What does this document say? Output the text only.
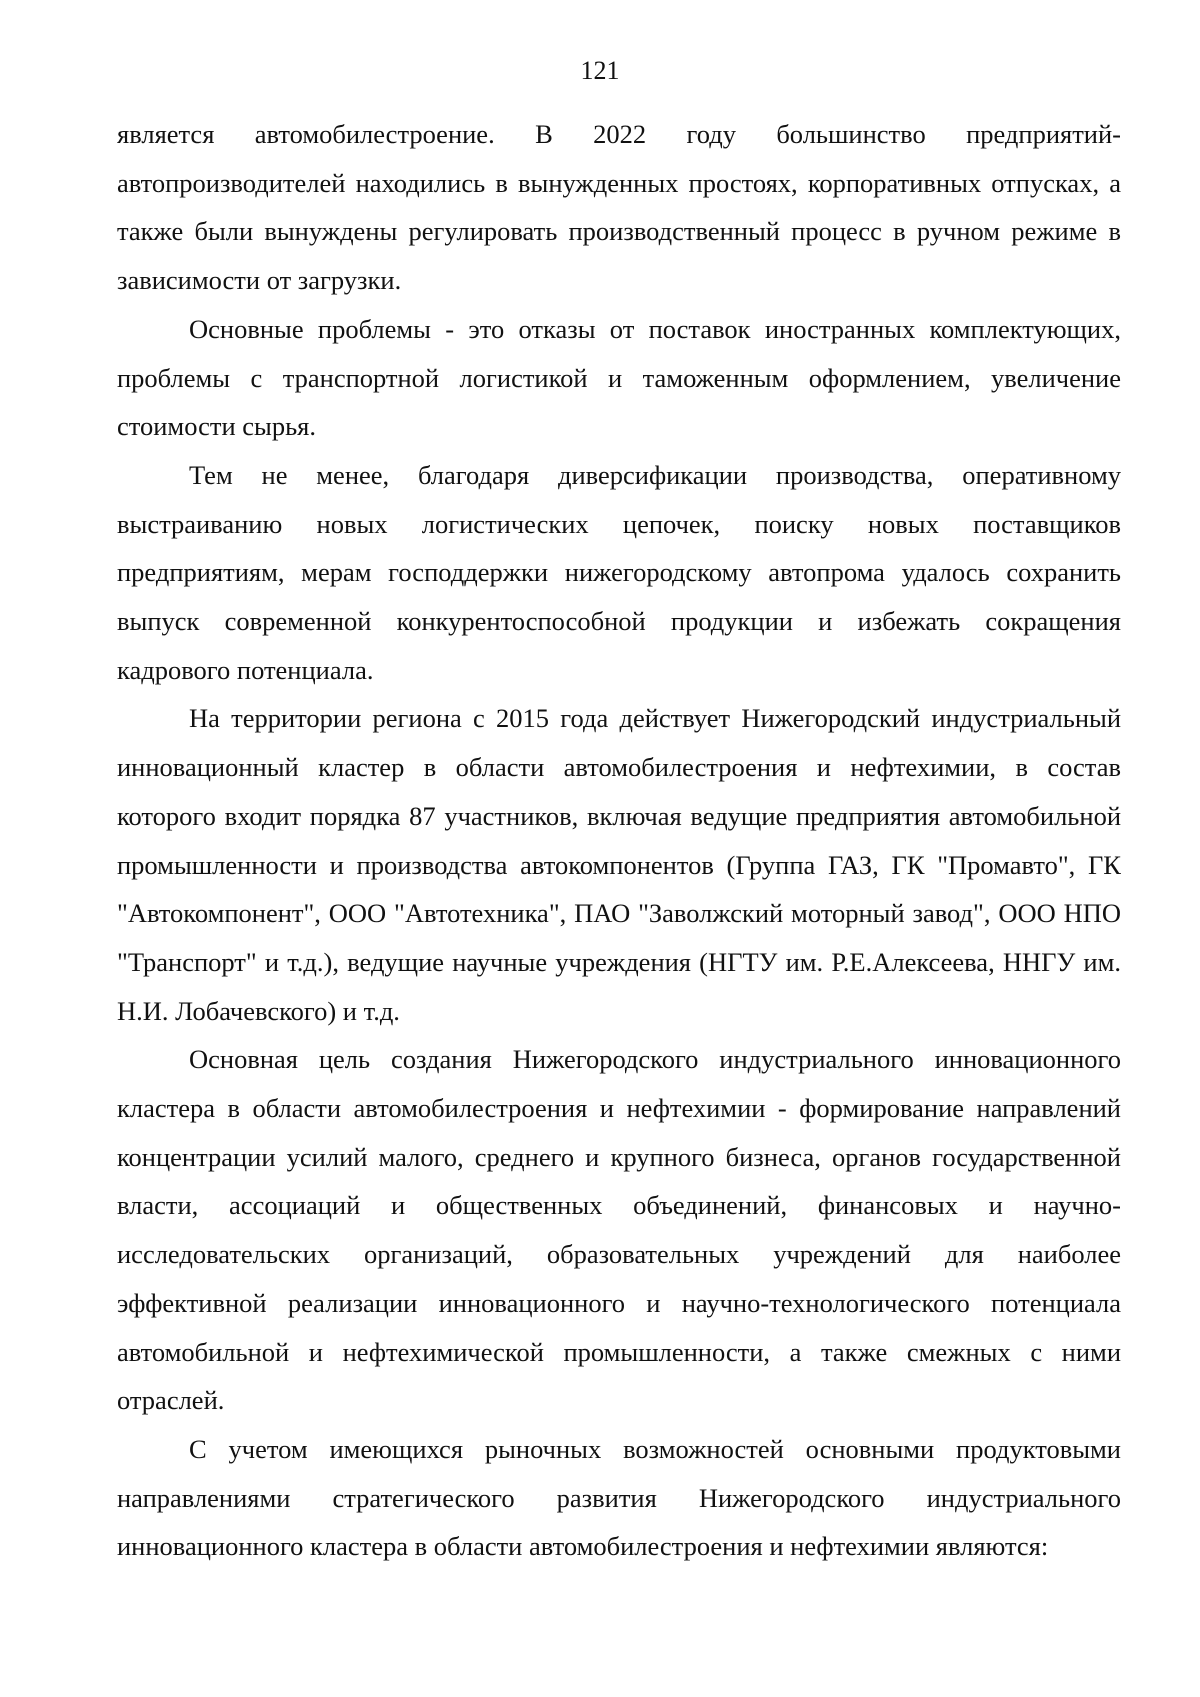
121

является автомобилестроение. В 2022 году большинство предприятий-автопроизводителей находились в вынужденных простоях, корпоративных отпусках, а также были вынуждены регулировать производственный процесс в ручном режиме в зависимости от загрузки.

Основные проблемы - это отказы от поставок иностранных комплектующих, проблемы с транспортной логистикой и таможенным оформлением, увеличение стоимости сырья.

Тем не менее, благодаря диверсификации производства, оперативному выстраиванию новых логистических цепочек, поиску новых поставщиков предприятиям, мерам господдержки нижегородскому автопрома удалось сохранить выпуск современной конкурентоспособной продукции и избежать сокращения кадрового потенциала.

На территории региона с 2015 года действует Нижегородский индустриальный инновационный кластер в области автомобилестроения и нефтехимии, в состав которого входит порядка 87 участников, включая ведущие предприятия автомобильной промышленности и производства автокомпонентов (Группа ГАЗ, ГК "Промавто", ГК "Автокомпонент", ООО "Автотехника", ПАО "Заволжский моторный завод", ООО НПО "Транспорт" и т.д.), ведущие научные учреждения (НГТУ им. Р.Е.Алексеева, ННГУ им. Н.И. Лобачевского) и т.д.

Основная цель создания Нижегородского индустриального инновационного кластера в области автомобилестроения и нефтехимии - формирование направлений концентрации усилий малого, среднего и крупного бизнеса, органов государственной власти, ассоциаций и общественных объединений, финансовых и научно-исследовательских организаций, образовательных учреждений для наиболее эффективной реализации инновационного и научно-технологического потенциала автомобильной и нефтехимической промышленности, а также смежных с ними отраслей.

С учетом имеющихся рыночных возможностей основными продуктовыми направлениями стратегического развития Нижегородского индустриального инновационного кластера в области автомобилестроения и нефтехимии являются:
